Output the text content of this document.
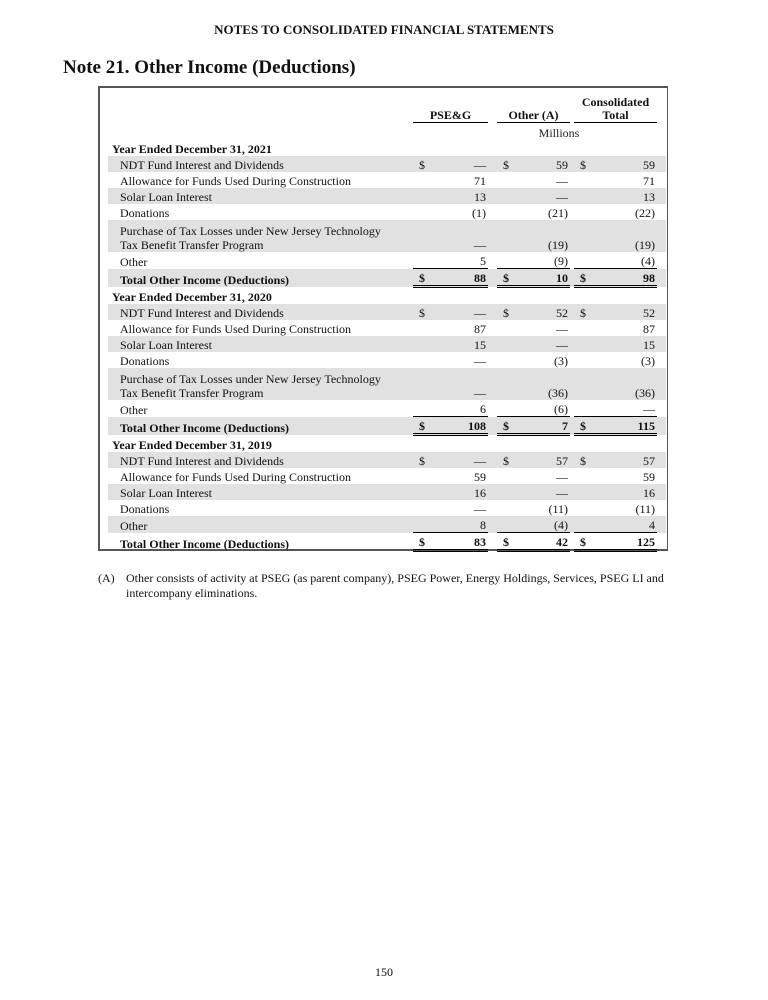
NOTES TO CONSOLIDATED FINANCIAL STATEMENTS
Note 21. Other Income (Deductions)
	PSE&G			Other (A)			Consolidated
Total		
	Millions								
Year Ended December 31, 2021									
NDT Fund Interest and Dividends	$	—		$	59		$	59	
Allowance for Funds Used During Construction		71			—			71	
Solar Loan Interest		13			—			13	
Donations		(1)			(21)			(22)	
Purchase of Tax Losses under New Jersey Technology
Tax Benefit Transfer Program		—			(19)			(19)	
Other		5			(9)			(4)	
Total Other Income (Deductions)	$	88		$	10		$	98	
Year Ended December 31, 2020									
NDT Fund Interest and Dividends	$	—		$	52		$	52	
Allowance for Funds Used During Construction		87			—			87	
Solar Loan Interest		15			—			15	
Donations		—			(3)			(3)	
Purchase of Tax Losses under New Jersey Technology
Tax Benefit Transfer Program		—			(36)			(36)	
Other		6			(6)			—	
Total Other Income (Deductions)	$	108		$	7		$	115	
Year Ended December 31, 2019									
NDT Fund Interest and Dividends	$	—		$	57		$	57	
Allowance for Funds Used During Construction		59			—			59	
Solar Loan Interest		16			—			16	
Donations		—			(11)			(11)	
Other		8			(4)			4	
Total Other Income (Deductions)	$	83		$	42		$	125	
(A) Other consists of activity at PSEG (as parent company), PSEG Power, Energy Holdings, Services, PSEG LI and intercompany eliminations.
150
